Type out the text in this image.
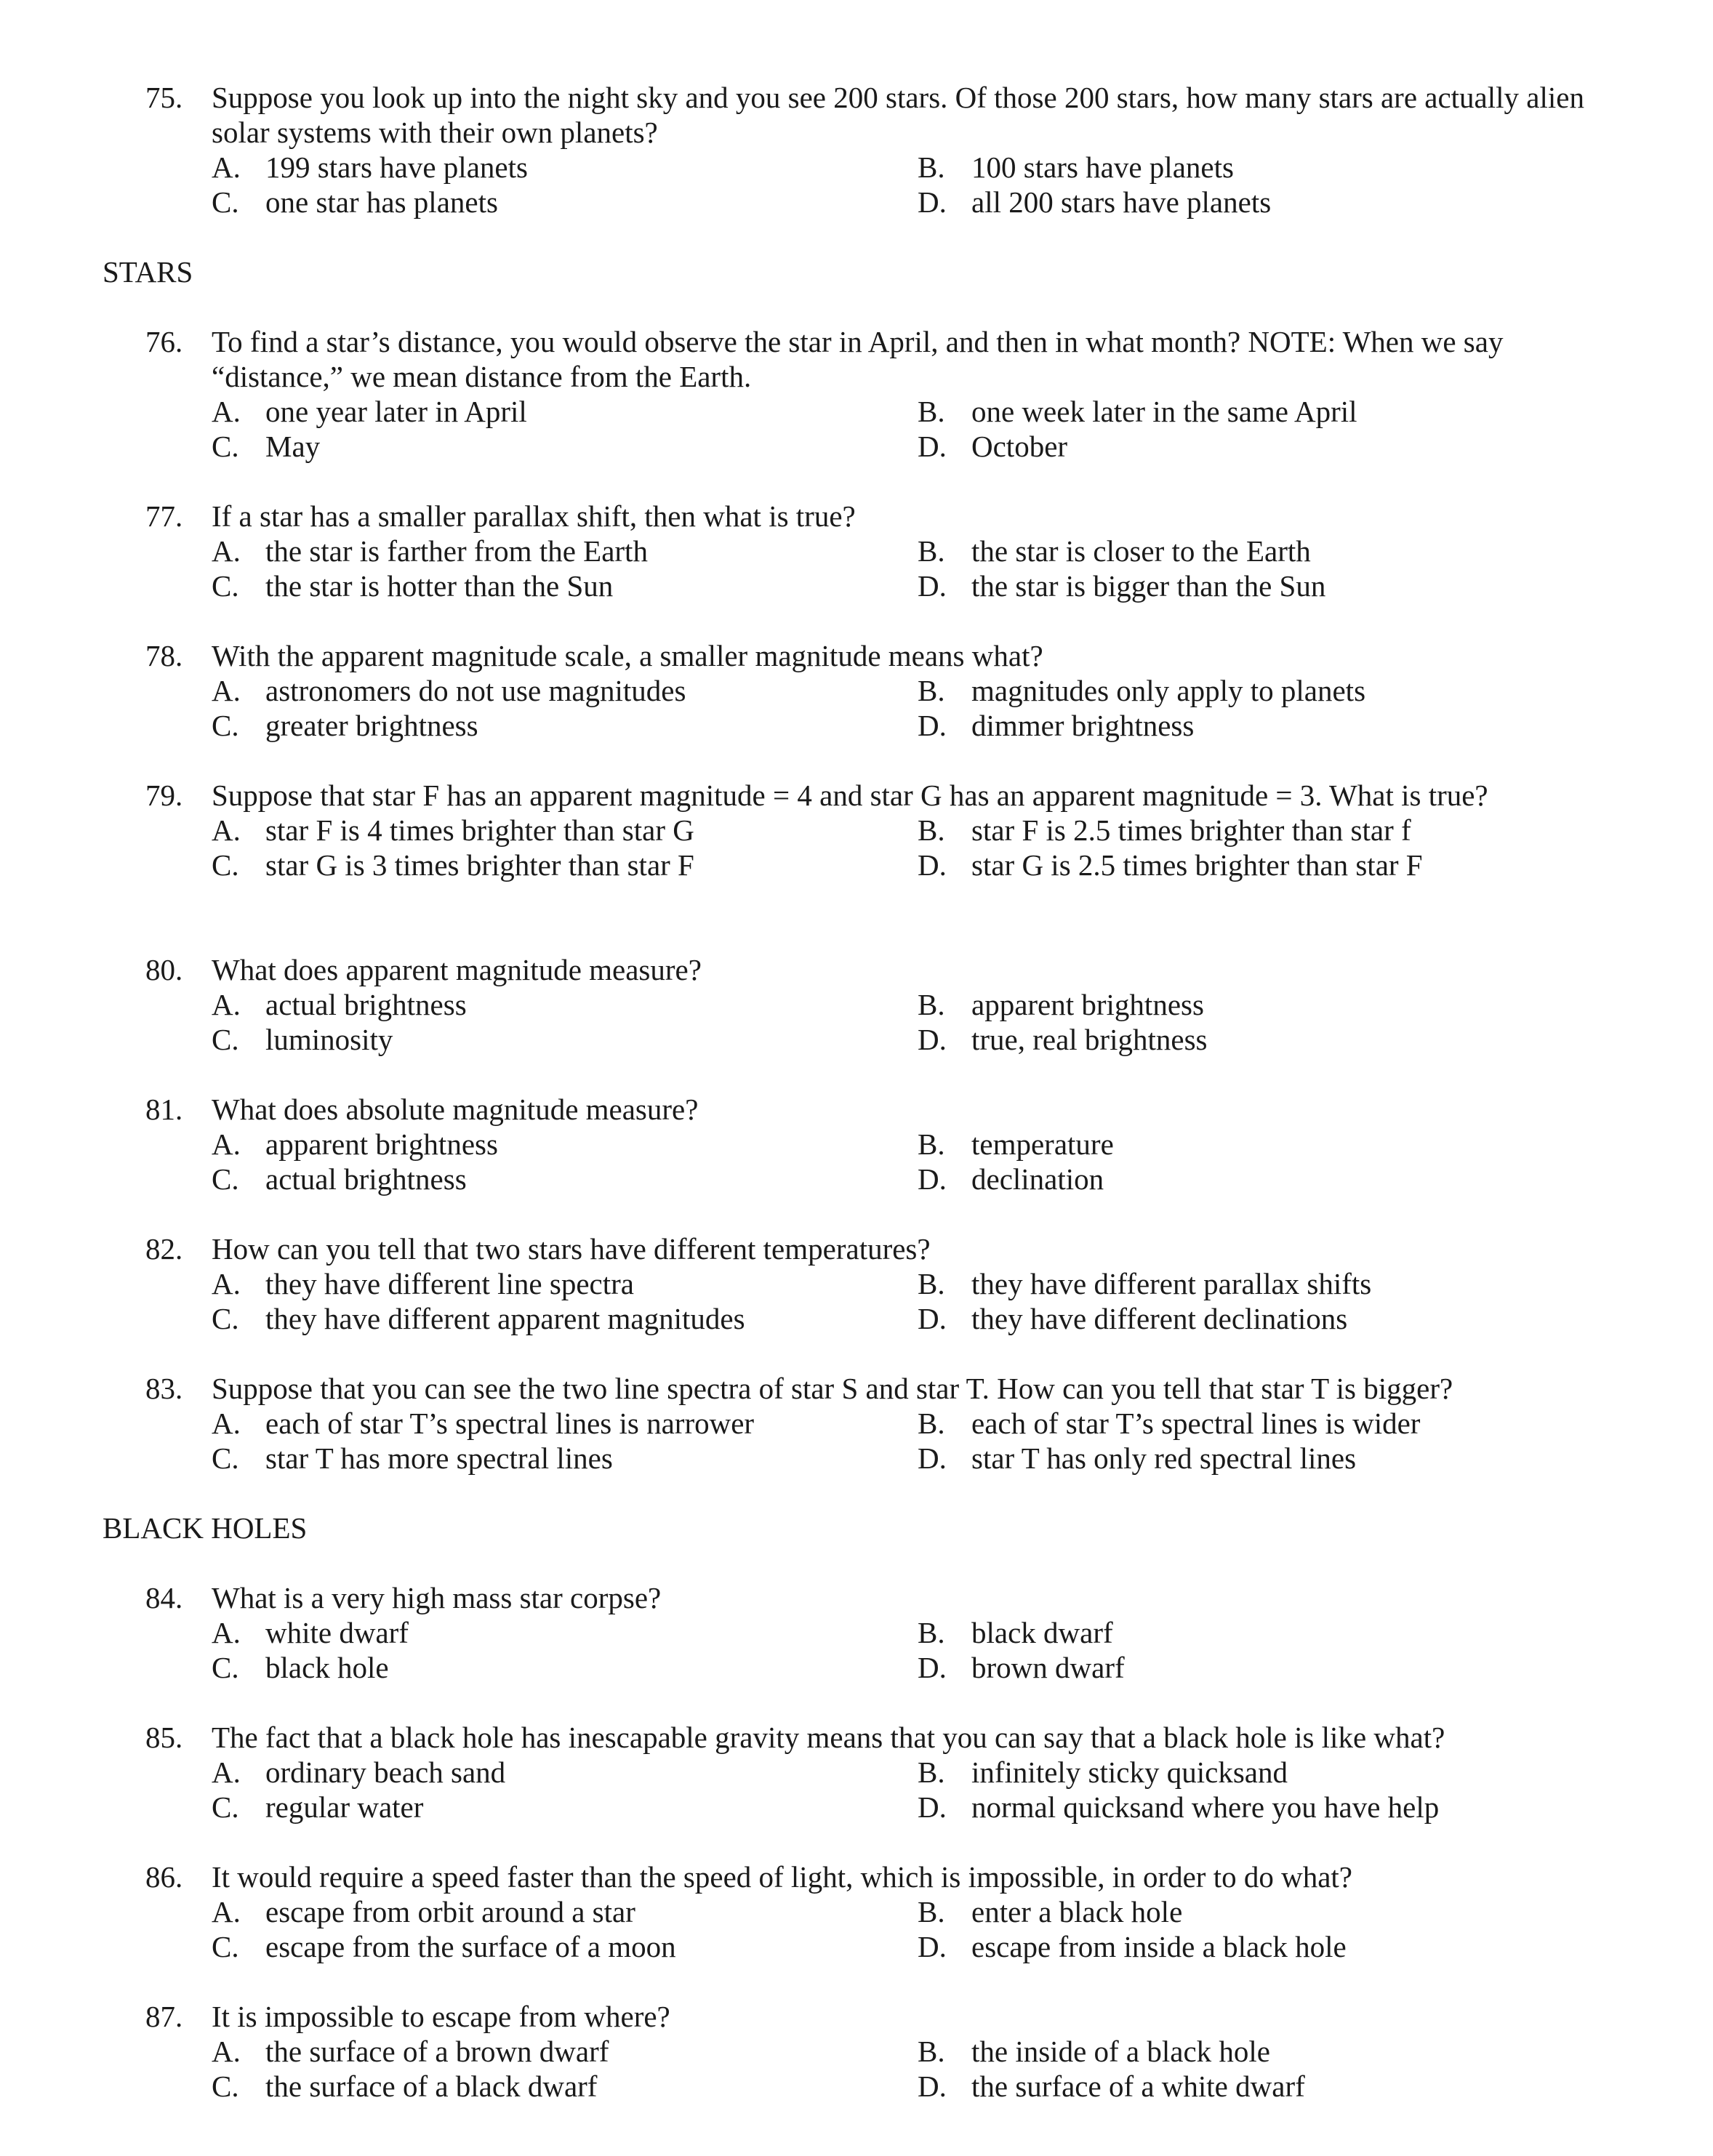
75. Suppose you look up into the night sky and you see 200 stars. Of those 200 stars, how many stars are actually alien
solar systems with their own planets?
A. 199 stars have planets	B. 100 stars have planets
C. one star has planets	D. all 200 stars have planets
STARS
76. To find a star’s distance, you would observe the star in April, and then in what month? NOTE: When we say
“distance,” we mean distance from the Earth.
A. one year later in April	B. one week later in the same April
C. May	D. October
77. If a star has a smaller parallax shift, then what is true?
A. the star is farther from the Earth	B. the star is closer to the Earth
C. the star is hotter than the Sun	D. the star is bigger than the Sun
78. With the apparent magnitude scale, a smaller magnitude means what?
A. astronomers do not use magnitudes	B. magnitudes only apply to planets
C. greater brightness	D. dimmer brightness
79. Suppose that star F has an apparent magnitude = 4 and star G has an apparent magnitude = 3. What is true?
A. star F is 4 times brighter than star G	B. star F is 2.5 times brighter than star f
C. star G is 3 times brighter than star F	D. star G is 2.5 times brighter than star F
80. What does apparent magnitude measure?
A. actual brightness	B. apparent brightness
C. luminosity	D. true, real brightness
81. What does absolute magnitude measure?
A. apparent brightness	B. temperature
C. actual brightness	D. declination
82. How can you tell that two stars have different temperatures?
A. they have different line spectra	B. they have different parallax shifts
C. they have different apparent magnitudes	D. they have different declinations
83. Suppose that you can see the two line spectra of star S and star T. How can you tell that star T is bigger?
A. each of star T’s spectral lines is narrower	B. each of star T’s spectral lines is wider
C. star T has more spectral lines	D. star T has only red spectral lines
BLACK HOLES
84. What is a very high mass star corpse?
A. white dwarf	B. black dwarf
C. black hole	D. brown dwarf
85. The fact that a black hole has inescapable gravity means that you can say that a black hole is like what?
A. ordinary beach sand	B. infinitely sticky quicksand
C. regular water	D. normal quicksand where you have help
86. It would require a speed faster than the speed of light, which is impossible, in order to do what?
A. escape from orbit around a star	B. enter a black hole
C. escape from the surface of a moon	D. escape from inside a black hole
87. It is impossible to escape from where?
A. the surface of a brown dwarf	B. the inside of a black hole
C. the surface of a black dwarf	D. the surface of a white dwarf
